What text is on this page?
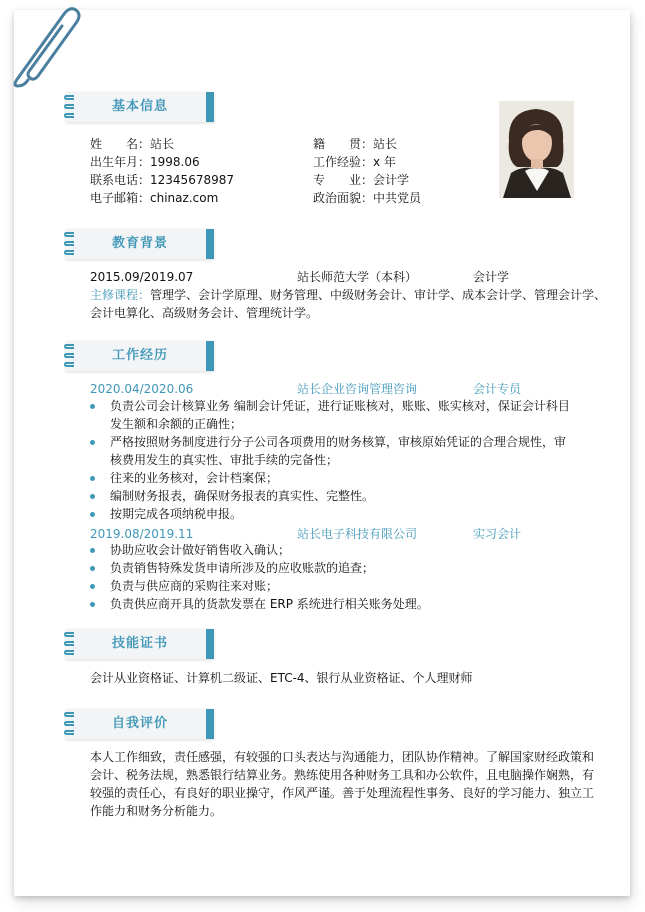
基本信息
姓　　名：站长	籍　　贯：站长
出生年月：1998.06	工作经验：x 年
联系电话：12345678987	专　　业：会计学
电子邮箱：chinaz.com	政治面貌：中共党员
教育背景
2015.09/2019.07	站长师范大学（本科）	会计学
主修课程：管理学、会计学原理、财务管理、中级财务会计、审计学、成本会计学、管理会计学、
会计电算化、高级财务会计、管理统计学。
工作经历
2020.04/2020.06	站长企业咨询管理咨询	会计专员
负责公司会计核算业务 编制会计凭证，进行证账核对，账账、账实核对，保证会计科目发生额和余额的正确性；
严格按照财务制度进行分子公司各项费用的财务核算，审核原始凭证的合理合规性，审核费用发生的真实性、审批手续的完备性；
往来的业务核对，会计档案保；
编制财务报表，确保财务报表的真实性、完整性。
按期完成各项纳税申报。
2019.08/2019.11	站长电子科技有限公司	实习会计
协助应收会计做好销售收入确认；
负责销售特殊发货申请所涉及的应收账款的追查；
负责与供应商的采购往来对账；
负责供应商开具的货款发票在 ERP 系统进行相关账务处理。
技能证书
会计从业资格证、计算机二级证、ETC-4、银行从业资格证、个人理财师
自我评价
本人工作细致，责任感强，有较强的口头表达与沟通能力，团队协作精神。了解国家财经政策和
会计、税务法规，熟悉银行结算业务。熟练使用各种财务工具和办公软件，且电脑操作娴熟，有
较强的责任心，有良好的职业操守，作风严谨。善于处理流程性事务、良好的学习能力、独立工
作能力和财务分析能力。
